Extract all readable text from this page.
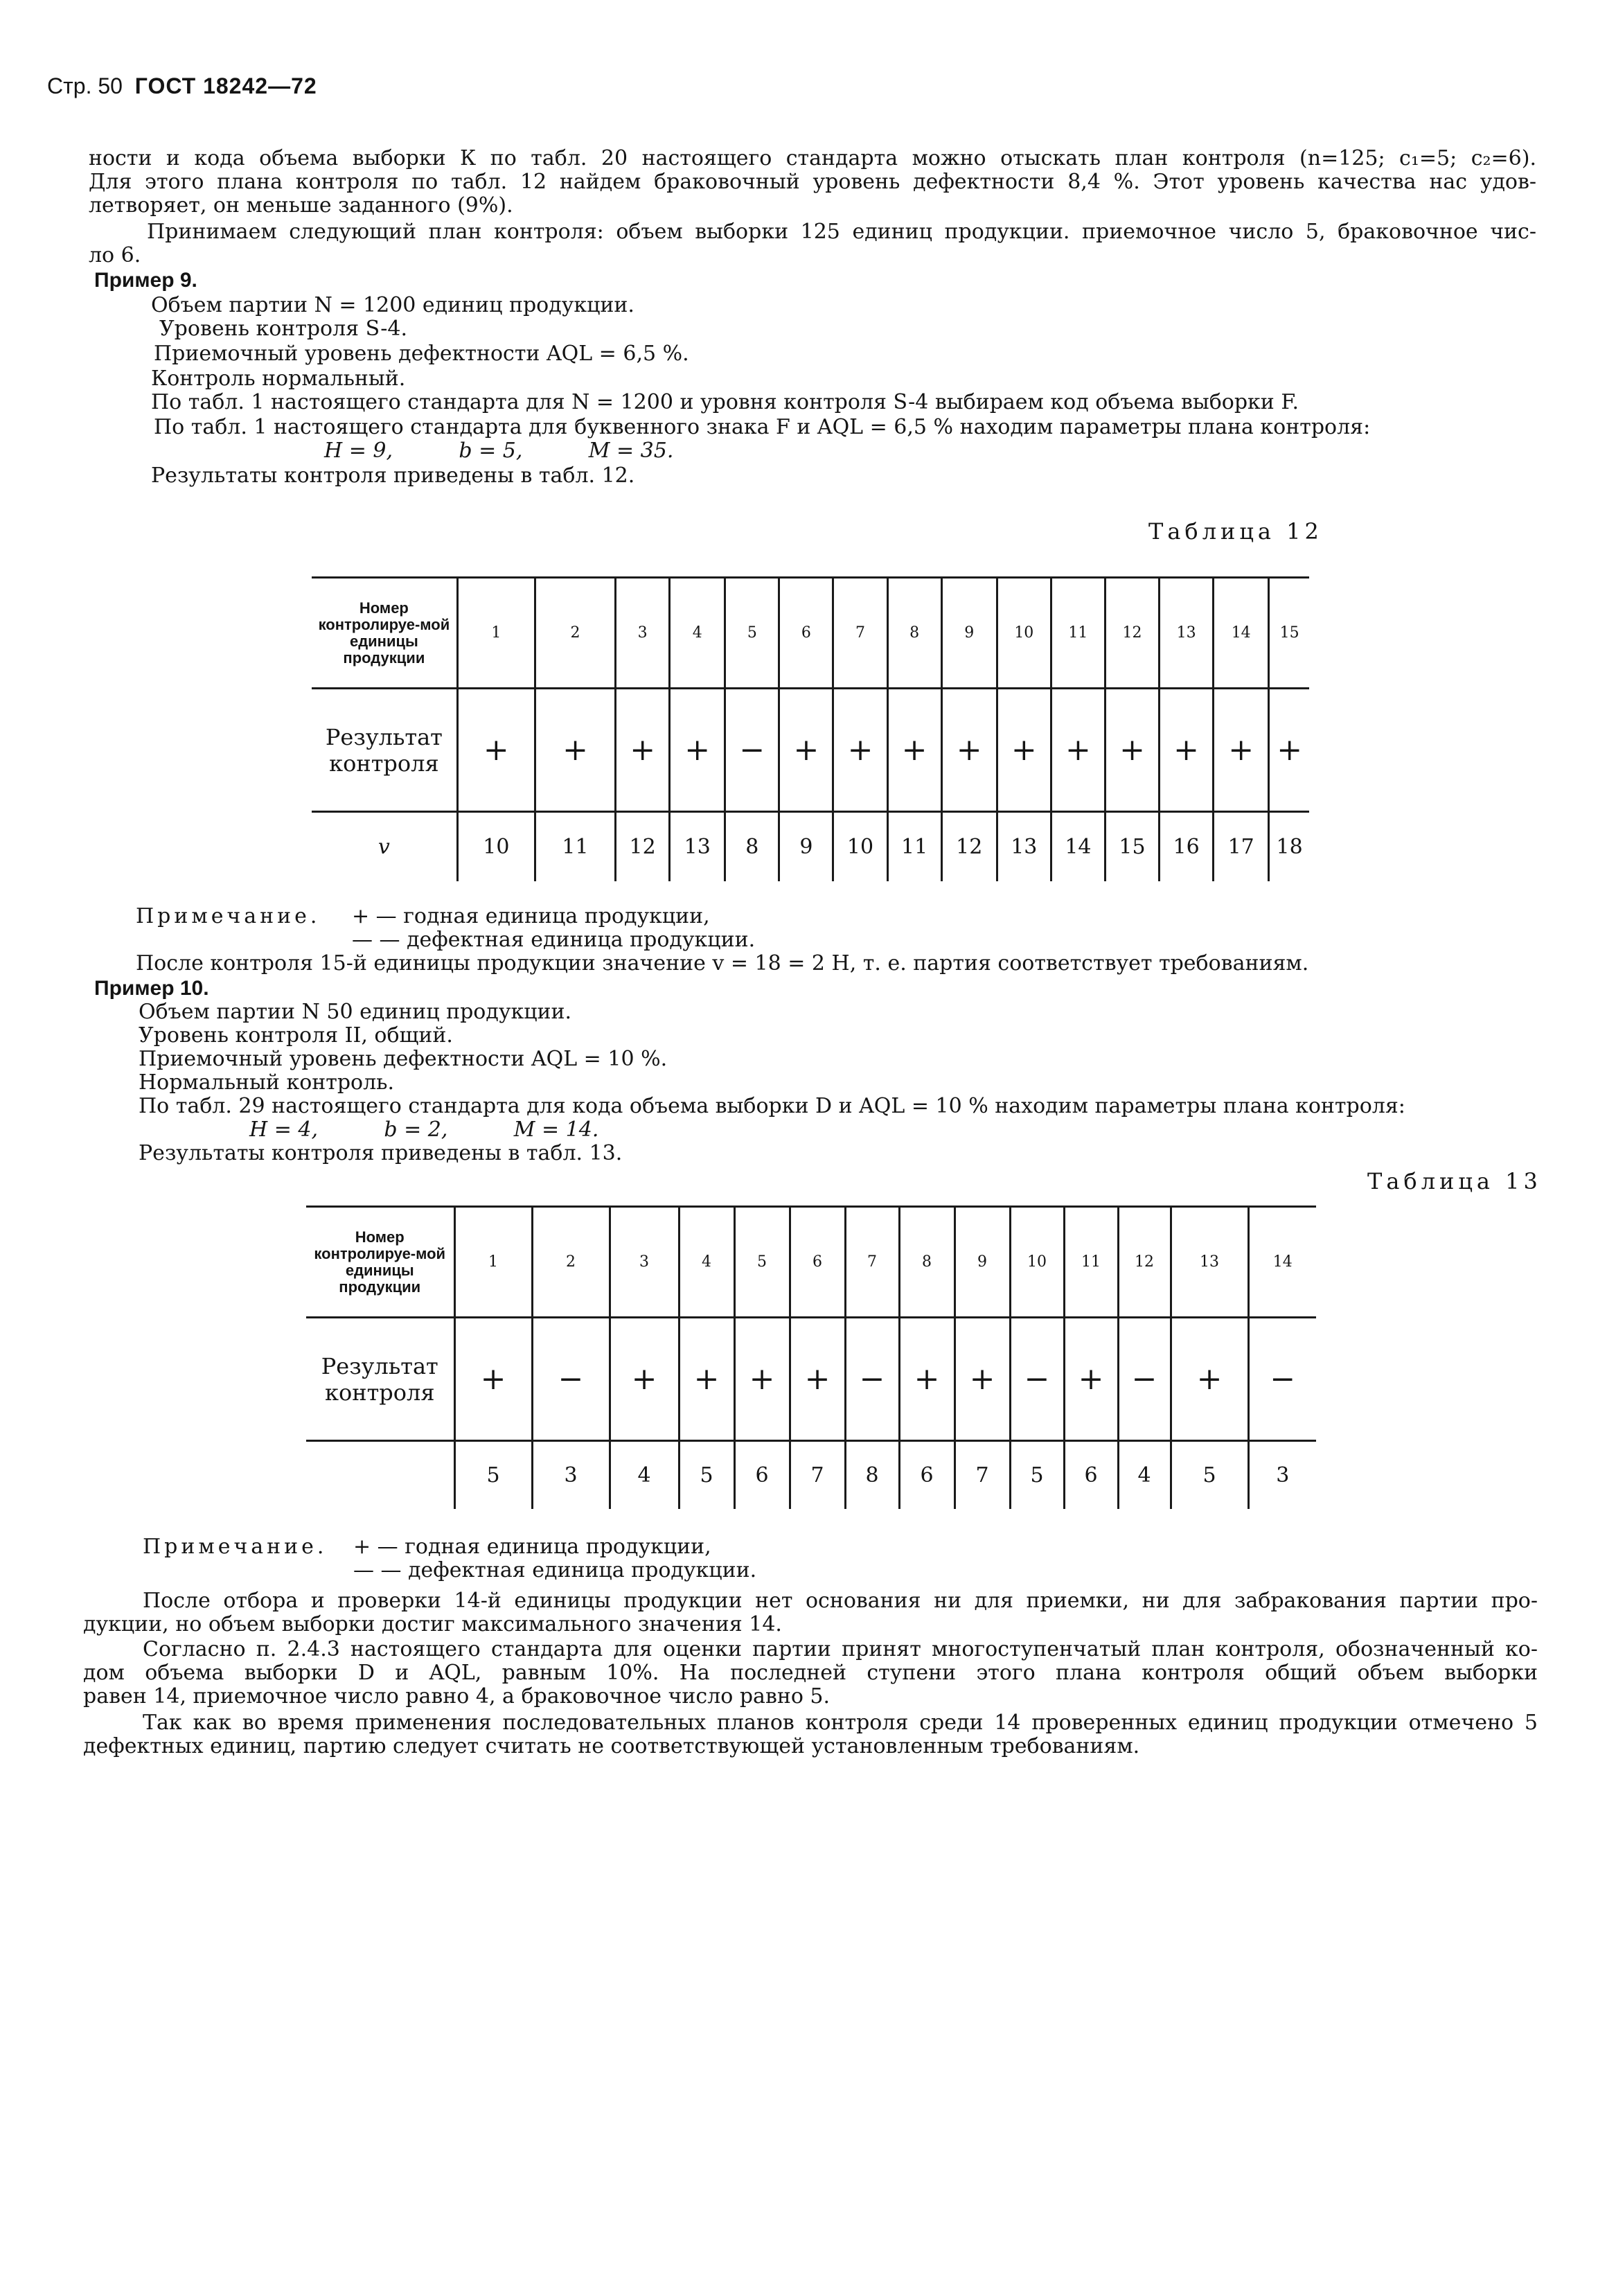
Стр. 50 ГОСТ 18242—72
ности и кода объема выборки К по табл. 20 настоящего стандарта можно отыскать план контроля (n=125; c₁=5; c₂=6).
Для этого плана контроля по табл. 12 найдем браковочный уровень дефектности 8,4 %. Этот уровень качества нас удов-
летворяет, он меньше заданного (9%).
Принимаем следующий план контроля: объем выборки 125 единиц продукции. приемочное число 5, браковочное чис-
ло 6.
Пример 9.
Объем партии N = 1200 единиц продукции.
Уровень контроля S-4.
Приемочный уровень дефектности AQL = 6,5 %.
Контроль нормальный.
По табл. 1 настоящего стандарта для N = 1200 и уровня контроля S-4 выбираем код объема выборки F.
По табл. 1 настоящего стандарта для буквенного знака F и AQL = 6,5 % находим параметры плана контроля:
H = 9,          b = 5,          M = 35.
Результаты контроля приведены в табл. 12.
Таблица 12
Номер контролируе-мой единицы продукции	1	2	3	4	5	6	7	8	9	10	11	12	13	14	15
Результат контроля	+	+	+	+	−	+	+	+	+	+	+	+	+	+	+
v	10	11	12	13	8	9	10	11	12	13	14	15	16	17	18
Примечание. + — годная единица продукции,
— — дефектная единица продукции.
После контроля 15-й единицы продукции значение v = 18 = 2 H, т. е. партия соответствует требованиям.
Пример 10.
Объем партии N 50 единиц продукции.
Уровень контроля II, общий.
Приемочный уровень дефектности AQL = 10 %.
Нормальный контроль.
По табл. 29 настоящего стандарта для кода объема выборки D и AQL = 10 % находим параметры плана контроля:
H = 4,          b = 2,          M = 14.
Результаты контроля приведены в табл. 13.
Таблица 13
Номер контролируе-мой единицы продукции	1	2	3	4	5	6	7	8	9	10	11	12	13	14
Результат контроля	+	−	+	+	+	+	−	+	+	−	+	−	+	−
	5	3	4	5	6	7	8	6	7	5	6	4	5	3
Примечание. + — годная единица продукции,
— — дефектная единица продукции.
После отбора и проверки 14-й единицы продукции нет основания ни для приемки, ни для забракования партии про-
дукции, но объем выборки достиг максимального значения 14.
Согласно п. 2.4.3 настоящего стандарта для оценки партии принят многоступенчатый план контроля, обозначенный ко-
дом объема выборки D и AQL, равным 10%. На последней ступени этого плана контроля общий объем выборки
равен 14, приемочное число равно 4, а браковочное число равно 5.
Так как во время применения последовательных планов контроля среди 14 проверенных единиц продукции отмечено 5
дефектных единиц, партию следует считать не соответствующей установленным требованиям.
